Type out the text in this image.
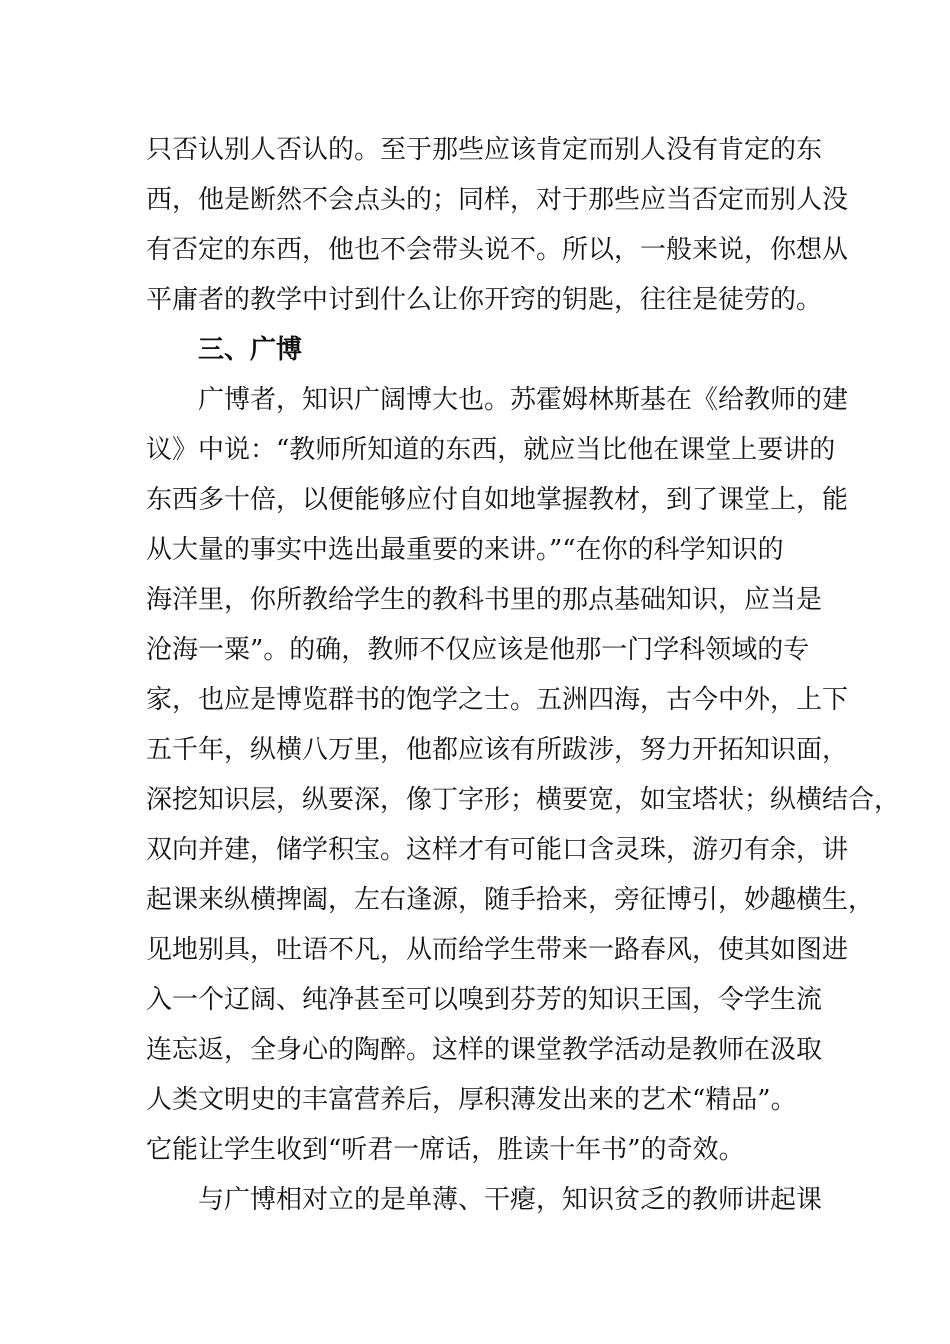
只否认别人否认的。至于那些应该肯定而别人没有肯定的东
西，他是断然不会点头的；同样，对于那些应当否定而别人没
有否定的东西，他也不会带头说不。所以，一般来说，你想从
平庸者的教学中讨到什么让你开窍的钥匙，往往是徒劳的。
三、广博
广博者，知识广阔博大也。苏霍姆林斯基在《给教师的建
议》中说：“教师所知道的东西，就应当比他在课堂上要讲的
东西多十倍，以便能够应付自如地掌握教材，到了课堂上，能
从大量的事实中选出最重要的来讲。”“在你的科学知识的
海洋里，你所教给学生的教科书里的那点基础知识，应当是
沧海一粟”。的确，教师不仅应该是他那一门学科领域的专
家，也应是博览群书的饱学之士。五洲四海，古今中外，上下
五千年，纵横八万里，他都应该有所跋涉，努力开拓知识面，
深挖知识层，纵要深，像丁字形；横要宽，如宝塔状；纵横结合，
双向并建，储学积宝。这样才有可能口含灵珠，游刃有余，讲
起课来纵横捭阖，左右逢源，随手拾来，旁征博引，妙趣横生，
见地别具，吐语不凡，从而给学生带来一路春风，使其如图进
入一个辽阔、纯净甚至可以嗅到芬芳的知识王国，令学生流
连忘返，全身心的陶醉。这样的课堂教学活动是教师在汲取
人类文明史的丰富营养后，厚积薄发出来的艺术“精品”。
它能让学生收到“听君一席话，胜读十年书”的奇效。
与广博相对立的是单薄、干瘪，知识贫乏的教师讲起课
